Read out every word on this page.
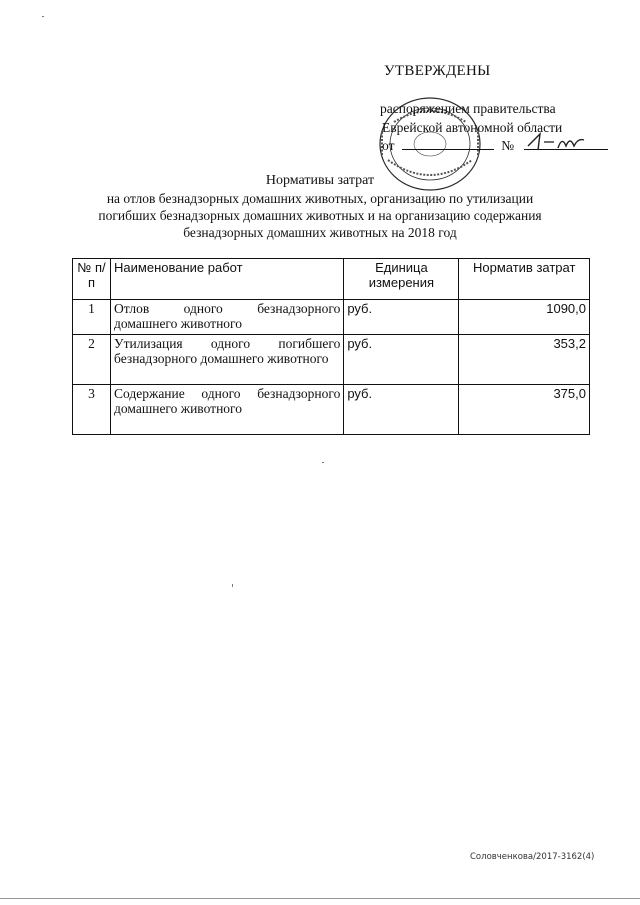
УТВЕРЖДЕНЫ
распоряжением правительства
Еврейской автономной области
от	№
Нормативы затрат
на отлов безнадзорных домашних животных, организацию по утилизации
погибших безнадзорных домашних животных и на организацию содержания
безнадзорных домашних животных на 2018 год
№ п/п	Наименование работ	Единица измерения	Норматив затрат
1	Отлов одного безнадзорного домашнего животного	руб.	1090,0
2	Утилизация одного погибшего безнадзорного домашнего животного	руб.	353,2
3	Содержание одного безнадзорного домашнего животного	руб.	375,0
Соловченкова/2017-3162(4)
